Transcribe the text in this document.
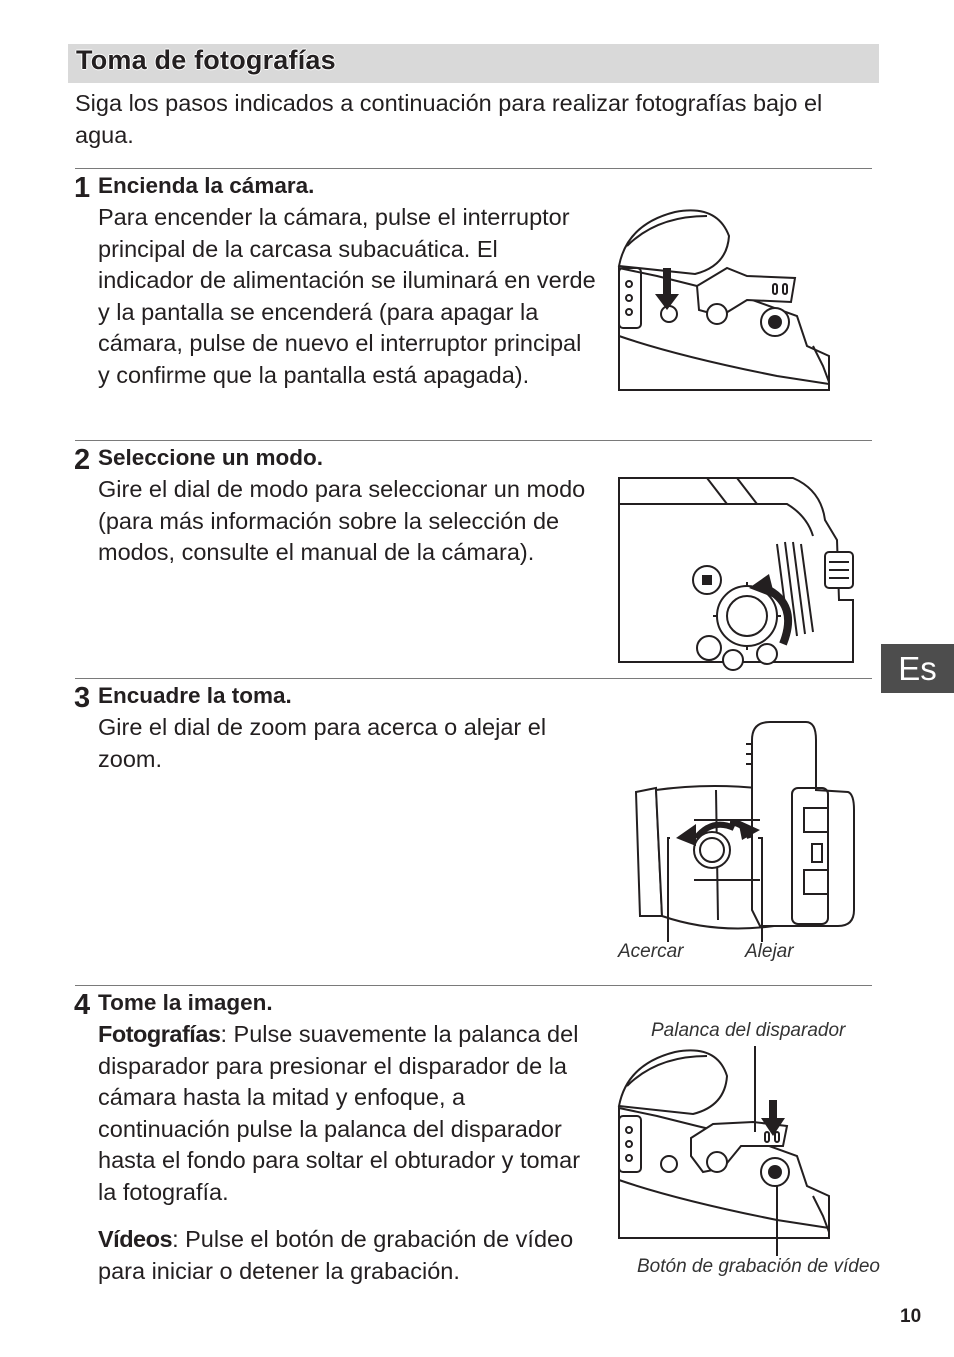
Toma de fotografías
Siga los pasos indicados a continuación para realizar fotografías bajo el agua.
1 Encienda la cámara.
Para encender la cámara, pulse el interruptor principal de la carcasa subacuática. El indicador de alimentación se iluminará en verde y la pantalla se encenderá (para apagar la cámara, pulse de nuevo el interruptor principal y confirme que la pantalla está apagada).
2 Seleccione un modo.
Gire el dial de modo para seleccionar un modo (para más información sobre la selección de modos, consulte el manual de la cámara).
3 Encuadre la toma.
Gire el dial de zoom para acerca o alejar el zoom.
Acercar	Alejar
4 Tome la imagen.
Fotografías: Pulse suavemente la palanca del disparador para presionar el disparador de la cámara hasta la mitad y enfoque, a continuación pulse la palanca del disparador hasta el fondo para soltar el obturador y tomar la fotografía.
Vídeos: Pulse el botón de grabación de vídeo para iniciar o detener la grabación.
Palanca del disparador
Botón de grabación de vídeo
Es
10
